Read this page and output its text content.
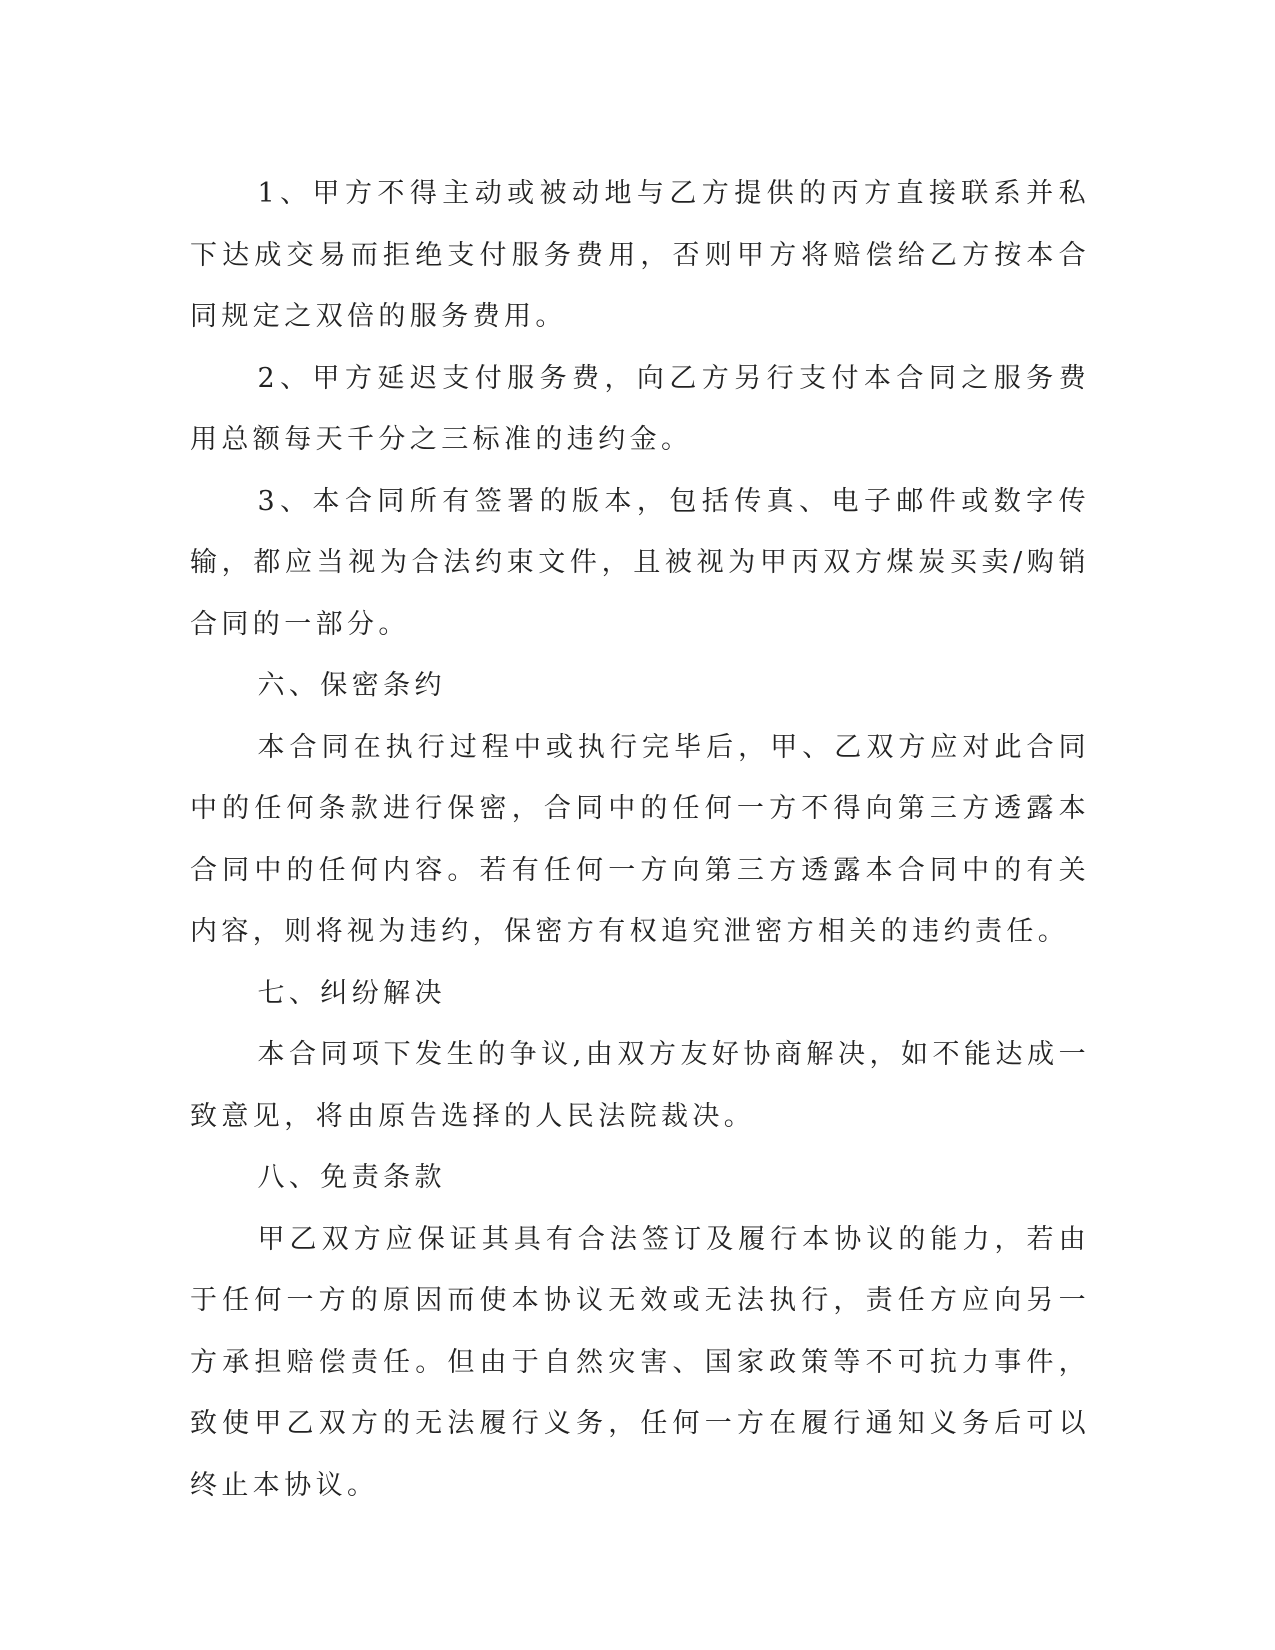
1、甲方不得主动或被动地与乙方提供的丙方直接联系并私下达成交易而拒绝支付服务费用，否则甲方将赔偿给乙方按本合同规定之双倍的服务费用。

2、甲方延迟支付服务费，向乙方另行支付本合同之服务费用总额每天千分之三标准的违约金。

3、本合同所有签署的版本，包括传真、电子邮件或数字传输，都应当视为合法约束文件，且被视为甲丙双方煤炭买卖/购销合同的一部分。

六、保密条约

本合同在执行过程中或执行完毕后，甲、乙双方应对此合同中的任何条款进行保密，合同中的任何一方不得向第三方透露本合同中的任何内容。若有任何一方向第三方透露本合同中的有关内容，则将视为违约，保密方有权追究泄密方相关的违约责任。

七、纠纷解决

本合同项下发生的争议,由双方友好协商解决，如不能达成一致意见，将由原告选择的人民法院裁决。

八、免责条款

甲乙双方应保证其具有合法签订及履行本协议的能力，若由于任何一方的原因而使本协议无效或无法执行，责任方应向另一方承担赔偿责任。但由于自然灾害、国家政策等不可抗力事件，致使甲乙双方的无法履行义务，任何一方在履行通知义务后可以终止本协议。
